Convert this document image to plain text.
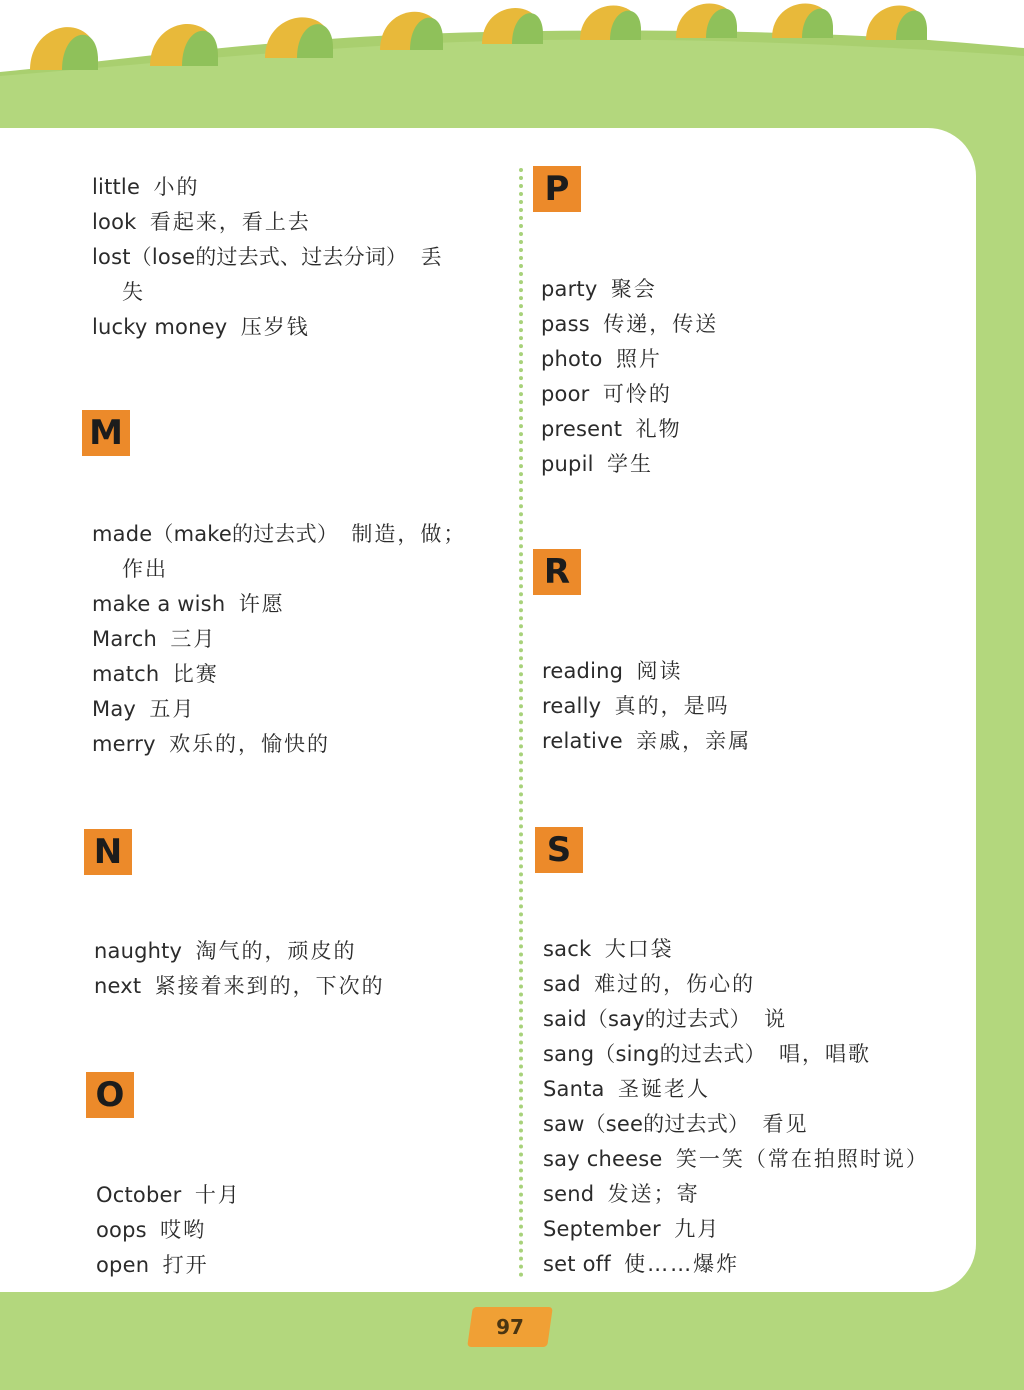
little 小的
look 看起来，看上去
lost（lose的过去式、过去分词） 丢
失
lucky money 压岁钱
M
made（make的过去式） 制造，做；
作出
make a wish 许愿
March 三月
match 比赛
May 五月
merry 欢乐的，愉快的
N
naughty 淘气的，顽皮的
next 紧接着来到的，下次的
O
October 十月
oops 哎哟
open 打开
P
party 聚会
pass 传递，传送
photo 照片
poor 可怜的
present 礼物
pupil 学生
R
reading 阅读
really 真的，是吗
relative 亲戚，亲属
S
sack 大口袋
sad 难过的，伤心的
said（say的过去式） 说
sang（sing的过去式） 唱，唱歌
Santa 圣诞老人
saw（see的过去式） 看见
say cheese 笑一笑（常在拍照时说）
send 发送；寄
September 九月
set off 使……爆炸
97
